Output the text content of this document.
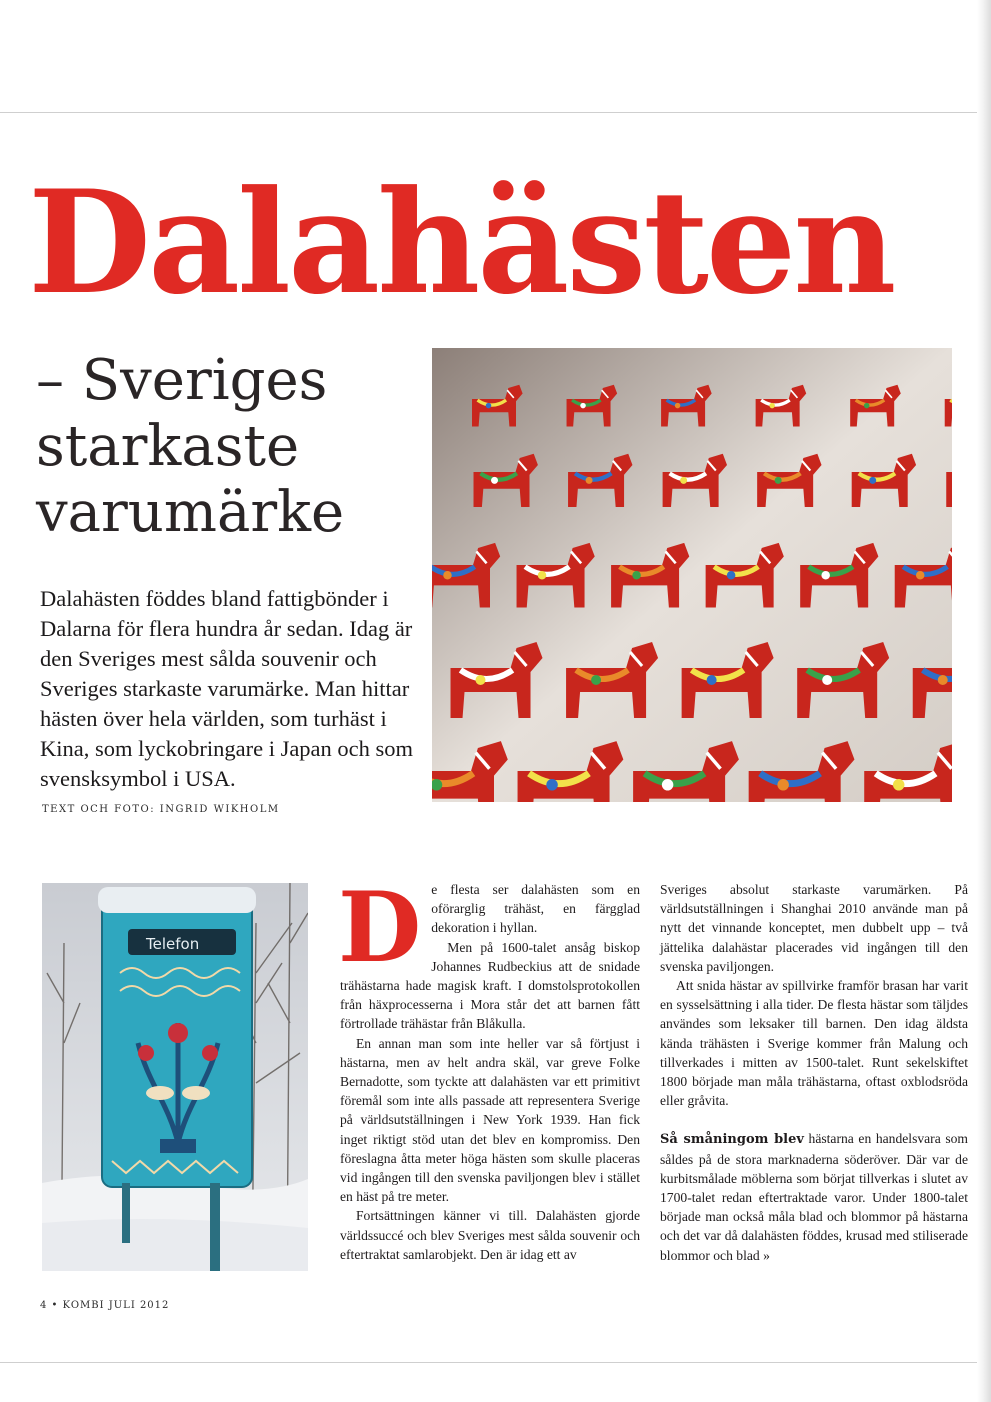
Dalahästen
– Sveriges
starkaste
varumärke
Dalahästen föddes bland fattigbönder i Dalarna för flera hundra år sedan. Idag är den Sveriges mest sålda souvenir och Sveriges starkaste varumärke. Man hittar hästen över hela världen, som turhäst i Kina, som lyckobringare i Japan och som svensksymbol i USA.
TEXT OCH FOTO: INGRID WIKHOLM
Telefon D e flesta ser dalahästen som en oförarglig trähäst, en färgglad dekoration i hyllan.

Men på 1600-talet ansåg biskop Johannes Rudbeckius att de snidade trähästarna hade magisk kraft. I domstolsprotokollen från häxprocesserna i Mora står det att barnen fått förtrollade trähästar från Blåkulla.

En annan man som inte heller var så förtjust i hästarna, men av helt andra skäl, var greve Folke Bernadotte, som tyckte att dalahästen var ett primitivt föremål som inte alls passade att representera Sverige på världsutställningen i New York 1939. Han fick inget riktigt stöd utan det blev en kompromiss. Den föreslagna åtta meter höga hästen som skulle placeras vid ingången till den svenska paviljongen blev i stället en häst på tre meter.

Fortsättningen känner vi till. Dalahästen gjorde världssuccé och blev Sveriges mest sålda souvenir och eftertraktat samlarobjekt. Den är idag ett av

Sveriges absolut starkaste varumärken. På världsutställningen i Shanghai 2010 använde man på nytt det vinnande konceptet, men dubbelt upp – två jättelika dalahästar placerades vid ingången till den svenska paviljongen.

Att snida hästar av spillvirke framför brasan har varit en sysselsättning i alla tider. De flesta hästar som täljdes användes som leksaker till barnen. Den idag äldsta kända trähästen i Sverige kommer från Malung och tillverkades i mitten av 1500-talet. Runt sekelskiftet 1800 började man måla trähästarna, oftast oxblodsröda eller gråvita.

Så småningom blev hästarna en handelsvara som såldes på de stora marknaderna söderöver. Där var de kurbitsmålade möblerna som börjat tillverkas i slutet av 1700-talet redan eftertraktade varor. Under 1800-talet började man också måla blad och blommor på hästarna och det var då dalahästen föddes, krusad med stiliserade blommor och blad »

4 • KOMBI JULI 2012
